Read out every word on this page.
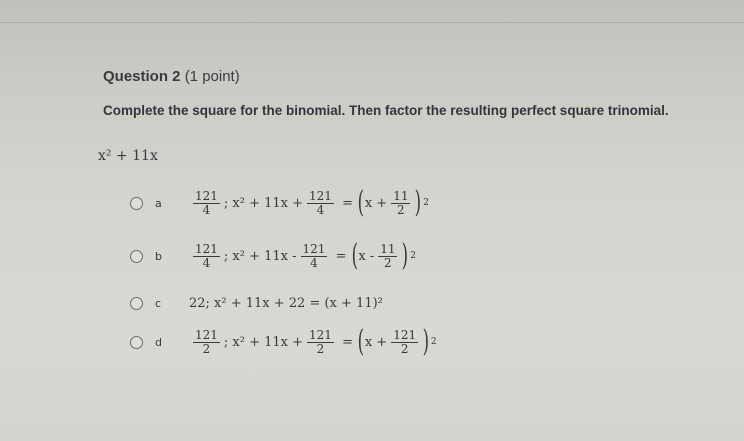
Question 2 (1 point)
Complete the square for the binomial. Then factor the resulting perfect square trinomial.
x² + 11x
a	$\frac{121}{4}$ ; $x^2 + 11x + \frac{121}{4}$ = ( $x + \frac{11}{2}$ ) 2
b	$\frac{121}{4}$ ; $x^2 + 11x - \frac{121}{4}$ = ( x - $\frac{11}{2}$ ) 2
c	22; x² + 11x + 22 = (x + 11)²
d	$\frac{121}{2}$ ; $x^2 + 11x + \frac{121}{2}$ = ( $x + \frac{121}{2}$ ) 2
